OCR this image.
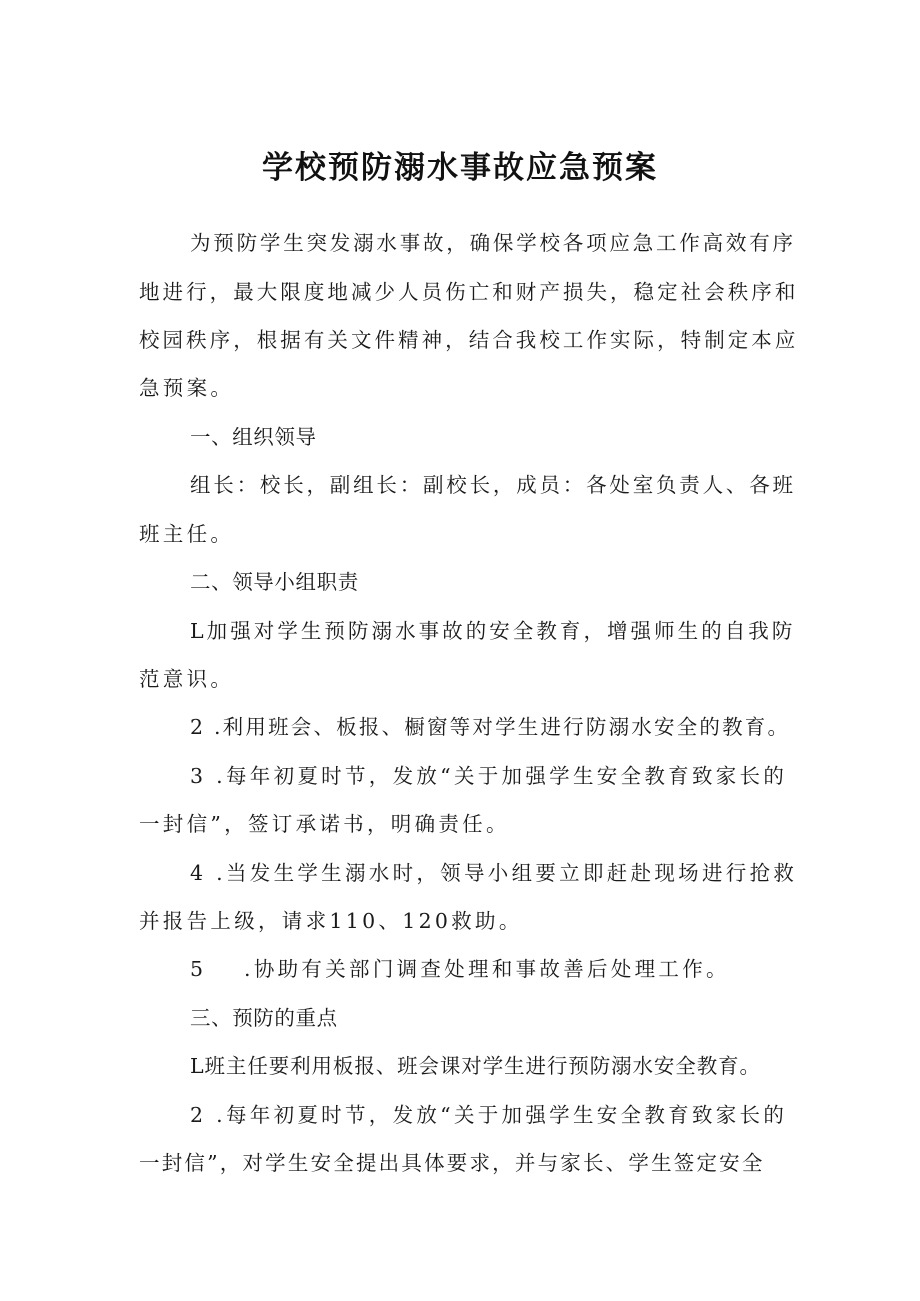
学校预防溺水事故应急预案
为预防学生突发溺水事故，确保学校各项应急工作高效有序
地进行，最大限度地减少人员伤亡和财产损失，稳定社会秩序和
校园秩序，根据有关文件精神，结合我校工作实际，特制定本应
急预案。
一、组织领导
组长：校长，副组长：副校长，成员：各处室负责人、各班
班主任。
二、领导小组职责
L加强对学生预防溺水事故的安全教育，增强师生的自我防
范意识。
2 .利用班会、板报、橱窗等对学生进行防溺水安全的教育。
3 .每年初夏时节，发放“关于加强学生安全教育致家长的
一封信”，签订承诺书，明确责任。
4 .当发生学生溺水时，领导小组要立即赶赴现场进行抢救
并报告上级，请求110、120救助。
5 .协助有关部门调查处理和事故善后处理工作。
三、预防的重点
L班主任要利用板报、班会课对学生进行预防溺水安全教育。
2 .每年初夏时节，发放“关于加强学生安全教育致家长的
一封信”，对学生安全提出具体要求，并与家长、学生签定安全
